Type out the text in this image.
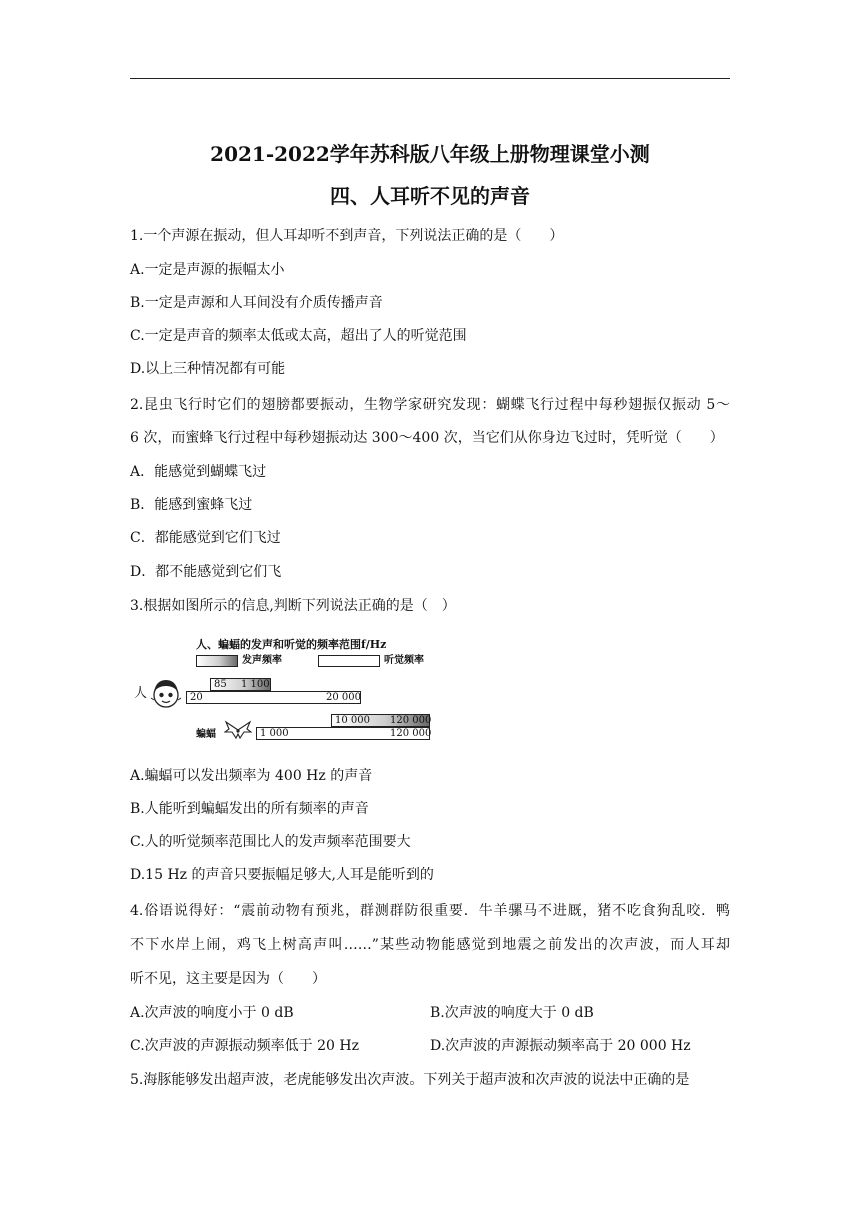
2021-2022学年苏科版八年级上册物理课堂小测
四、人耳听不见的声音
1.一个声源在振动，但人耳却听不到声音，下列说法正确的是（　　）
A.一定是声源的振幅太小
B.一定是声源和人耳间没有介质传播声音
C.一定是声音的频率太低或太高，超出了人的听觉范围
D.以上三种情况都有可能
2.昆虫飞行时它们的翅膀都要振动，生物学家研究发现：蝴蝶飞行过程中每秒翅振仅振动 5～
6 次，而蜜蜂飞行过程中每秒翅振动达 300～400 次，当它们从你身边飞过时，凭听觉（　　）
A．能感觉到蝴蝶飞过
B．能感到蜜蜂飞过
C．都能感觉到它们飞过
D．都不能感觉到它们飞
3.根据如图所示的信息,判断下列说法正确的是（　）
人、蝙蝠的发声和听觉的频率范围f/Hz
发声频率	听觉频率
人
85 1 100
20	20 000
10 000 120 000
蝙蝠	1 000	120 000
A.蝙蝠可以发出频率为 400 Hz 的声音
B.人能听到蝙蝠发出的所有频率的声音
C.人的听觉频率范围比人的发声频率范围要大
D.15 Hz 的声音只要振幅足够大,人耳是能听到的
4.俗语说得好：“震前动物有预兆，群测群防很重要．牛羊骡马不进厩，猪不吃食狗乱咬．鸭
不下水岸上闹，鸡飞上树高声叫……”某些动物能感觉到地震之前发出的次声波，而人耳却
听不见，这主要是因为（　　）
A.次声波的响度小于 0 dB	B.次声波的响度大于 0 dB
C.次声波的声源振动频率低于 20 Hz	D.次声波的声源振动频率高于 20 000 Hz
5.海豚能够发出超声波，老虎能够发出次声波。下列关于超声波和次声波的说法中正确的是
